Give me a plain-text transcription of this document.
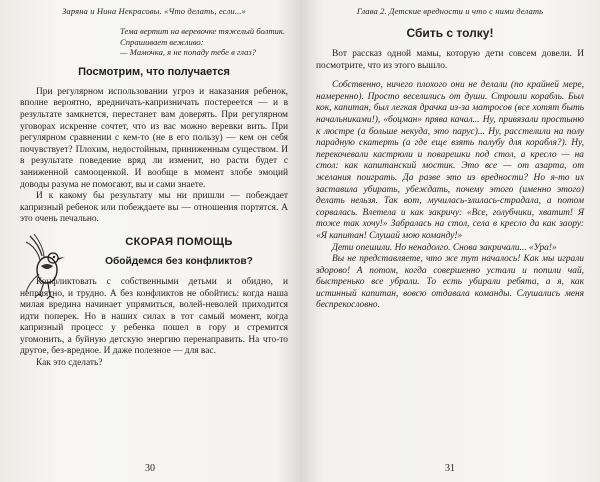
Заряна и Нина Некрасовы. «Что делать, если...»
Тема вертит на веревочке тяжелый болтик.
Спрашивает вежливо:
— Мамочка, я не попаду тебе в глаз?
Посмотрим, что получается

При регулярном использовании угроз и наказания ребенок, вполне вероятно, вредничать-капризничать постереется — и в результате замкнется, перестанет вам доверять. При регулярном уговорах искренне сочтет, что из вас можно веревки вить. При регулярном сравнении с кем-то (не в его пользу) — кем он себя почувствует? Плохим, недостойным, приниженным существом. И в результате поведение вряд ли изменит, но расти будет с заниженной самооценкой. И вообще в момент злобе эмоций доводы разума не помогают, вы и сами знаете.

И к какому бы результату мы ни пришли — побеждает капризный ребенок или побеждаете вы — отношения портятся. А это очень печально.

СКОРАЯ ПОМОЩЬ
Обойдемся без конфликтов?

Конфликтовать с собственными детьми и обидно, и неприятно, и трудно. А без конфликтов не обойтись: когда наша милая вредина начинает упрямиться, волей-неволей приходится идти поперек. Но в наших силах в тот самый момент, когда капризный процесс у ребенка пошел в гору и стремится угомонить, а буйную детскую энергию перенаправить. На что-то другое, без-вредное. И даже полезное — для вас.

Как это сделать?

30
Глава 2. Детские вредности и что с ними делать
Сбить с толку!

Вот рассказ одной мамы, которую дети совсем довели. И посмотрите, что из этого вышло.

Собственно, ничего плохого они не делали (по крайней мере, намеренно). Просто веселились от души. Строили корабль. Был кок, капитан, был легкая драчка из-за матросов (все хотят быть начальниками!), «боцман» прява качал... Ну, привязали простыню к люстре (а больше некуда, это парус)... Ну, расстелили на полу парадную скатерть (а где еще взять палубу для корабля?). Ну, перекочевали кастрюли и поварешки под стол, а кресло — на стол: как капитанский мостик. Это все — от азарта, от желания поиграть. Да разве это из вредности? Но я-то их заставила убирать, убеждать, почему этого (именно этого) делать нельзя. Так вот, мучилась-злилась-страдала, а потом сорвалась. Влетела и как закричу: «Все, голубчики, хватит! Я тоже так хочу!» Забралась на стол, села в кресло да как заору: «Я капитан! Слушай мою команду!»

Дети опешили. Но ненадолго. Снова закричали... «Ура!»

Вы не представляете, что же тут началось! Как мы играли здорово! А потом, когда совершенно устали и попили чай, быстренько все убрали. То есть убирали ребята, а я, как истинный капитан, вовсю отдавала команды. Слушались меня беспрекословно.

31
